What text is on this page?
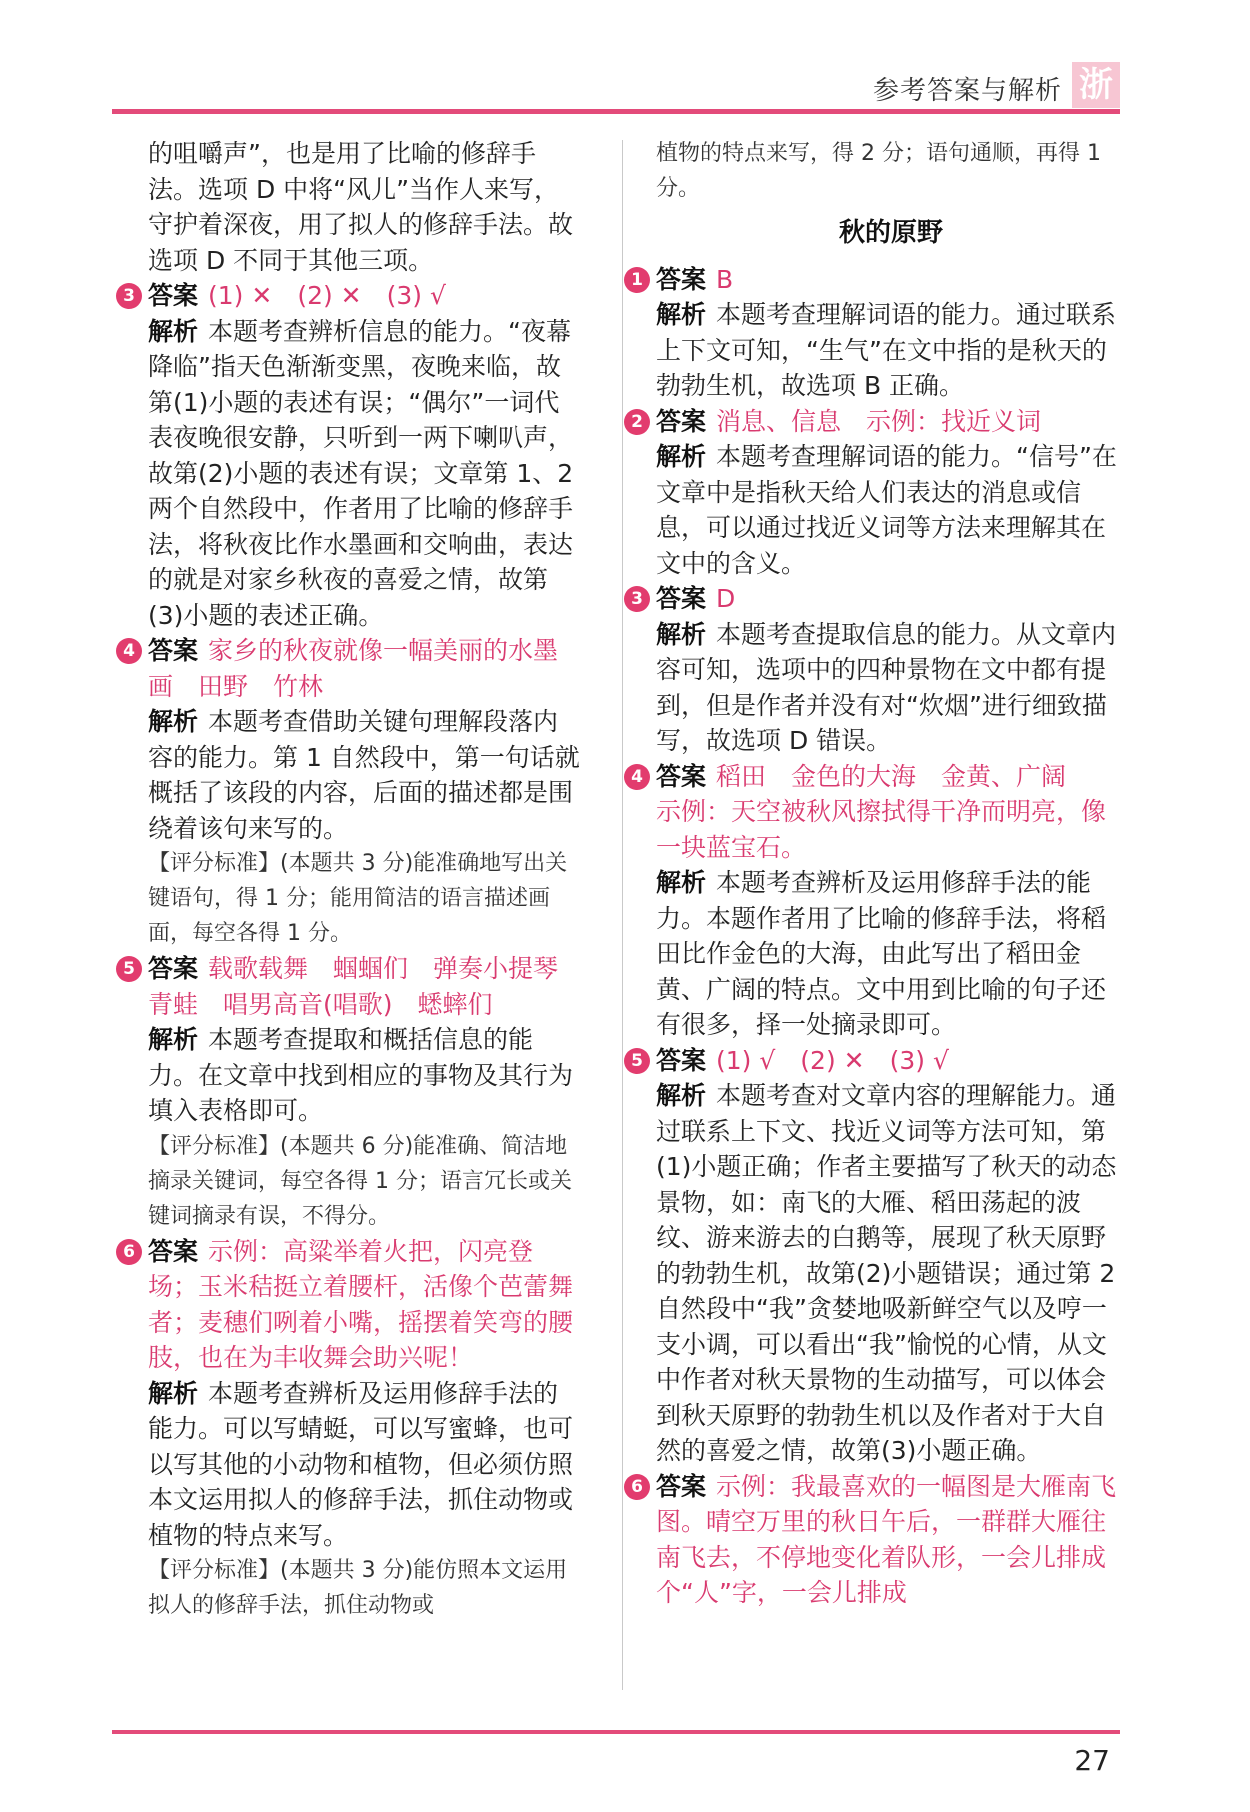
参考答案与解析 浙

的咀嚼声”，也是用了比喻的修辞手法。选项 D 中将“风儿”当作人来写，守护着深夜，用了拟人的修辞手法。故选项 D 不同于其他三项。

3 答案 (1) ✕　(2) ✕　(3) √

解析 本题考查辨析信息的能力。“夜幕降临”指天色渐渐变黑，夜晚来临，故第(1)小题的表述有误；“偶尔”一词代表夜晚很安静，只听到一两下喇叭声，故第(2)小题的表述有误；文章第 1、2 两个自然段中，作者用了比喻的修辞手法，将秋夜比作水墨画和交响曲，表达的就是对家乡秋夜的喜爱之情，故第(3)小题的表述正确。

4 答案 家乡的秋夜就像一幅美丽的水墨画　田野　竹林

解析 本题考查借助关键句理解段落内容的能力。第 1 自然段中，第一句话就概括了该段的内容，后面的描述都是围绕着该句来写的。

【评分标准】(本题共 3 分)能准确地写出关键语句，得 1 分；能用简洁的语言描述画面，每空各得 1 分。

5 答案 载歌载舞　蝈蝈们　弹奏小提琴　青蛙　唱男高音(唱歌)　蟋蟀们

解析 本题考查提取和概括信息的能力。在文章中找到相应的事物及其行为填入表格即可。

【评分标准】(本题共 6 分)能准确、简洁地摘录关键词，每空各得 1 分；语言冗长或关键词摘录有误，不得分。

6 答案 示例：高粱举着火把，闪亮登场；玉米秸挺立着腰杆，活像个芭蕾舞者；麦穗们咧着小嘴，摇摆着笑弯的腰肢，也在为丰收舞会助兴呢！

解析 本题考查辨析及运用修辞手法的能力。可以写蜻蜓，可以写蜜蜂，也可以写其他的小动物和植物，但必须仿照本文运用拟人的修辞手法，抓住动物或植物的特点来写。

【评分标准】(本题共 3 分)能仿照本文运用拟人的修辞手法，抓住动物或

植物的特点来写，得 2 分；语句通顺，再得 1 分。

秋的原野
1 答案 B

解析 本题考查理解词语的能力。通过联系上下文可知，“生气”在文中指的是秋天的勃勃生机，故选项 B 正确。

2 答案 消息、信息　示例：找近义词

解析 本题考查理解词语的能力。“信号”在文章中是指秋天给人们表达的消息或信息，可以通过找近义词等方法来理解其在文中的含义。

3 答案 D

解析 本题考查提取信息的能力。从文章内容可知，选项中的四种景物在文中都有提到，但是作者并没有对“炊烟”进行细致描写，故选项 D 错误。

4 答案 稻田　金色的大海　金黄、广阔

示例：天空被秋风擦拭得干净而明亮，像一块蓝宝石。

解析 本题考查辨析及运用修辞手法的能力。本题作者用了比喻的修辞手法，将稻田比作金色的大海，由此写出了稻田金黄、广阔的特点。文中用到比喻的句子还有很多，择一处摘录即可。

5 答案 (1) √　(2) ✕　(3) √

解析 本题考查对文章内容的理解能力。通过联系上下文、找近义词等方法可知，第(1)小题正确；作者主要描写了秋天的动态景物，如：南飞的大雁、稻田荡起的波纹、游来游去的白鹅等，展现了秋天原野的勃勃生机，故第(2)小题错误；通过第 2 自然段中“我”贪婪地吸新鲜空气以及哼一支小调，可以看出“我”愉悦的心情，从文中作者对秋天景物的生动描写，可以体会到秋天原野的勃勃生机以及作者对于大自然的喜爱之情，故第(3)小题正确。

6 答案 示例：我最喜欢的一幅图是大雁南飞图。晴空万里的秋日午后，一群群大雁往南飞去，不停地变化着队形，一会儿排成个“人”字，一会儿排成

27
